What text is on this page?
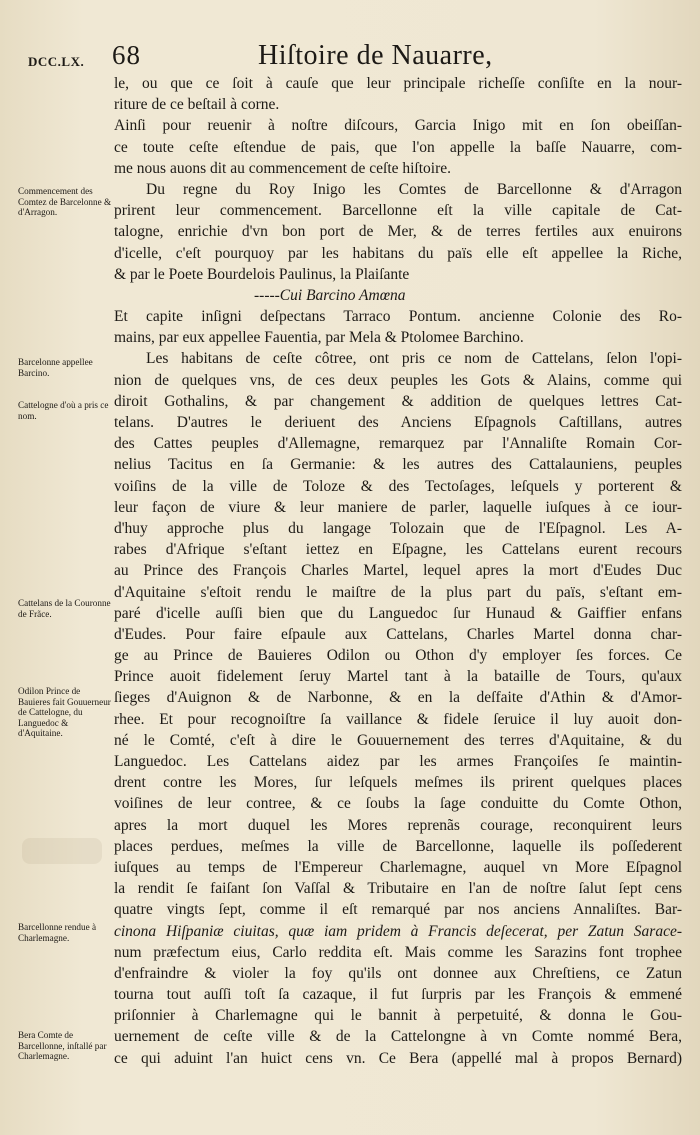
DCC.LX. 68	Hiſtoire de Nauarre,
Commencement des Comtez de Barcelonne & d'Arragon.
Barcelonne appellee Barcino.
Cattelogne d'où a pris ce nom.
Cattelans de la Couronne de Frãce.
Odilon Prince de Bauieres fait Gouuerneur de Cattelogne, du Languedoc & d'Aquitaine.
Barcellonne rendue à Charlemagne.
Bera Comte de Barcellonne, inſtallé par Charlemagne.
le, ou que ce ſoit à cauſe que leur principale richeſſe conſiſte en la nour-
riture de ce beſtail à corne.
Ainſi pour reuenir à noſtre diſcours, Garcia Inigo mit en ſon obeiſſan-
ce toute ceſte eſtendue de pais, que l'on appelle la baſſe Nauarre, com-
me nous auons dit au commencement de ceſte hiſtoire.
Du regne du Roy Inigo les Comtes de Barcellonne & d'Arragon
prirent leur commencement. Barcellonne eſt la ville capitale de Cat-
talogne, enrichie d'vn bon port de Mer, & de terres fertiles aux enuirons
d'icelle, c'eſt pourquoy par les habitans du païs elle eſt appellee la Riche,
& par le Poete Bourdelois Paulinus, la Plaiſante
-----Cui Barcino Amœna
Et capite inſigni deſpectans Tarraco Pontum. ancienne Colonie des Ro-
mains, par eux appellee Fauentia, par Mela & Ptolomee Barchino.
Les habitans de ceſte côtree, ont pris ce nom de Cattelans, ſelon l'opi-
nion de quelques vns, de ces deux peuples les Gots & Alains, comme qui
diroit Gothalins, & par changement & addition de quelques lettres Cat-
telans. D'autres le deriuent des Anciens Eſpagnols Caſtillans, autres
des Cattes peuples d'Allemagne, remarquez par l'Annaliſte Romain Cor-
nelius Tacitus en ſa Germanie: & les autres des Cattalauniens, peuples
voiſins de la ville de Toloze & des Tectoſages, leſquels y porterent &
leur façon de viure & leur maniere de parler, laquelle iuſques à ce iour-
d'huy approche plus du langage Tolozain que de l'Eſpagnol. Les A-
rabes d'Afrique s'eſtant iettez en Eſpagne, les Cattelans eurent recours
au Prince des François Charles Martel, lequel apres la mort d'Eudes Duc
d'Aquitaine s'eſtoit rendu le maiſtre de la plus part du païs, s'eſtant em-
paré d'icelle auſſi bien que du Languedoc ſur Hunaud & Gaiffier enfans
d'Eudes. Pour faire eſpaule aux Cattelans, Charles Martel donna char-
ge au Prince de Bauieres Odilon ou Othon d'y employer ſes forces. Ce
Prince auoit fidelement ſeruy Martel tant à la bataille de Tours, qu'aux
ſieges d'Auignon & de Narbonne, & en la deſfaite d'Athin & d'Amor-
rhee. Et pour recognoiſtre ſa vaillance & fidele ſeruice il luy auoit don-
né le Comté, c'eſt à dire le Gouuernement des terres d'Aquitaine, & du
Languedoc. Les Cattelans aidez par les armes Françoiſes ſe maintin-
drent contre les Mores, ſur leſquels meſmes ils prirent quelques places
voiſines de leur contree, & ce ſoubs la ſage conduitte du Comte Othon,
apres la mort duquel les Mores reprenãs courage, reconquirent leurs
places perdues, meſmes la ville de Barcellonne, laquelle ils poſſederent
iuſques au temps de l'Empereur Charlemagne, auquel vn More Eſpagnol
la rendit ſe faiſant ſon Vaſſal & Tributaire en l'an de noſtre ſalut ſept cens
quatre vingts ſept, comme il eſt remarqué par nos anciens Annaliſtes. Bar-
cinona Hiſpaniæ ciuitas, quæ iam pridem à Francis deſecerat, per Zatun Sarace-
num præfectum eius, Carlo reddita eſt. Mais comme les Sarazins font trophee
d'enfraindre & violer la foy qu'ils ont donnee aux Chreſtiens, ce Zatun
tourna tout auſſi toſt ſa cazaque, il fut ſurpris par les François & emmené
priſonnier à Charlemagne qui le bannit à perpetuité, & donna le Gou-
uernement de ceſte ville & de la Cattelongne à vn Comte nommé Bera,
ce qui aduint l'an huict cens vn. Ce Bera (appellé mal à propos Bernard)
